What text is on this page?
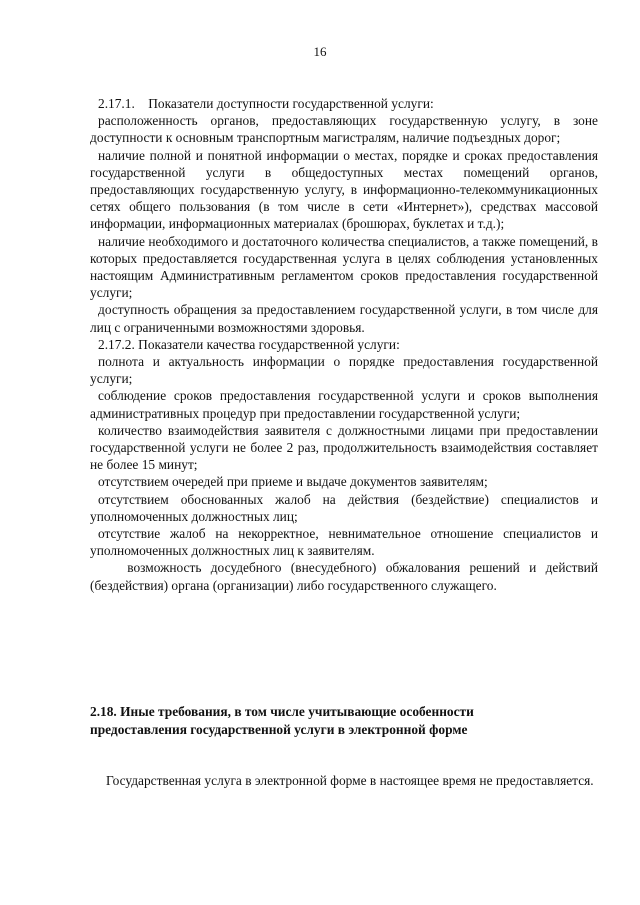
16

2.17.1.    Показатели доступности государственной услуги:

расположенность органов, предоставляющих государственную услугу, в зоне доступности к основным транспортным магистралям, наличие подъездных дорог;

наличие полной и понятной информации о местах, порядке и сроках предоставления государственной услуги в общедоступных местах помещений органов, предоставляющих государственную услугу, в информационно-телекоммуникационных сетях общего пользования (в том числе в сети «Интернет»), средствах массовой информации, информационных материалах (брошюрах, буклетах и т.д.);

наличие необходимого и достаточного количества специалистов, а также помещений, в которых предоставляется государственная услуга в целях соблюдения установленных настоящим Административным регламентом сроков предоставления государственной услуги;

доступность обращения за предоставлением государственной услуги, в том числе для лиц с ограниченными возможностями здоровья.

2.17.2. Показатели качества государственной услуги:

полнота и актуальность информации о порядке предоставления государственной услуги;

соблюдение сроков предоставления государственной услуги и сроков выполнения административных процедур при предоставлении государственной услуги;

количество взаимодействия заявителя с должностными лицами при предоставлении государственной услуги не более 2 раз, продолжительность взаимодействия составляет не более 15 минут;

отсутствием очередей при приеме и выдаче документов заявителям;

отсутствием обоснованных жалоб на действия (бездействие) специалистов и уполномоченных должностных лиц;

отсутствие жалоб на некорректное, невнимательное отношение специалистов и уполномоченных должностных лиц к заявителям.

возможность досудебного (внесудебного) обжалования решений и действий (бездействия) органа (организации) либо государственного служащего.

2.18. Иные требования, в том числе учитывающие особенности
предоставления государственной услуги в электронной форме

Государственная услуга в электронной форме в настоящее время не предоставляется.
